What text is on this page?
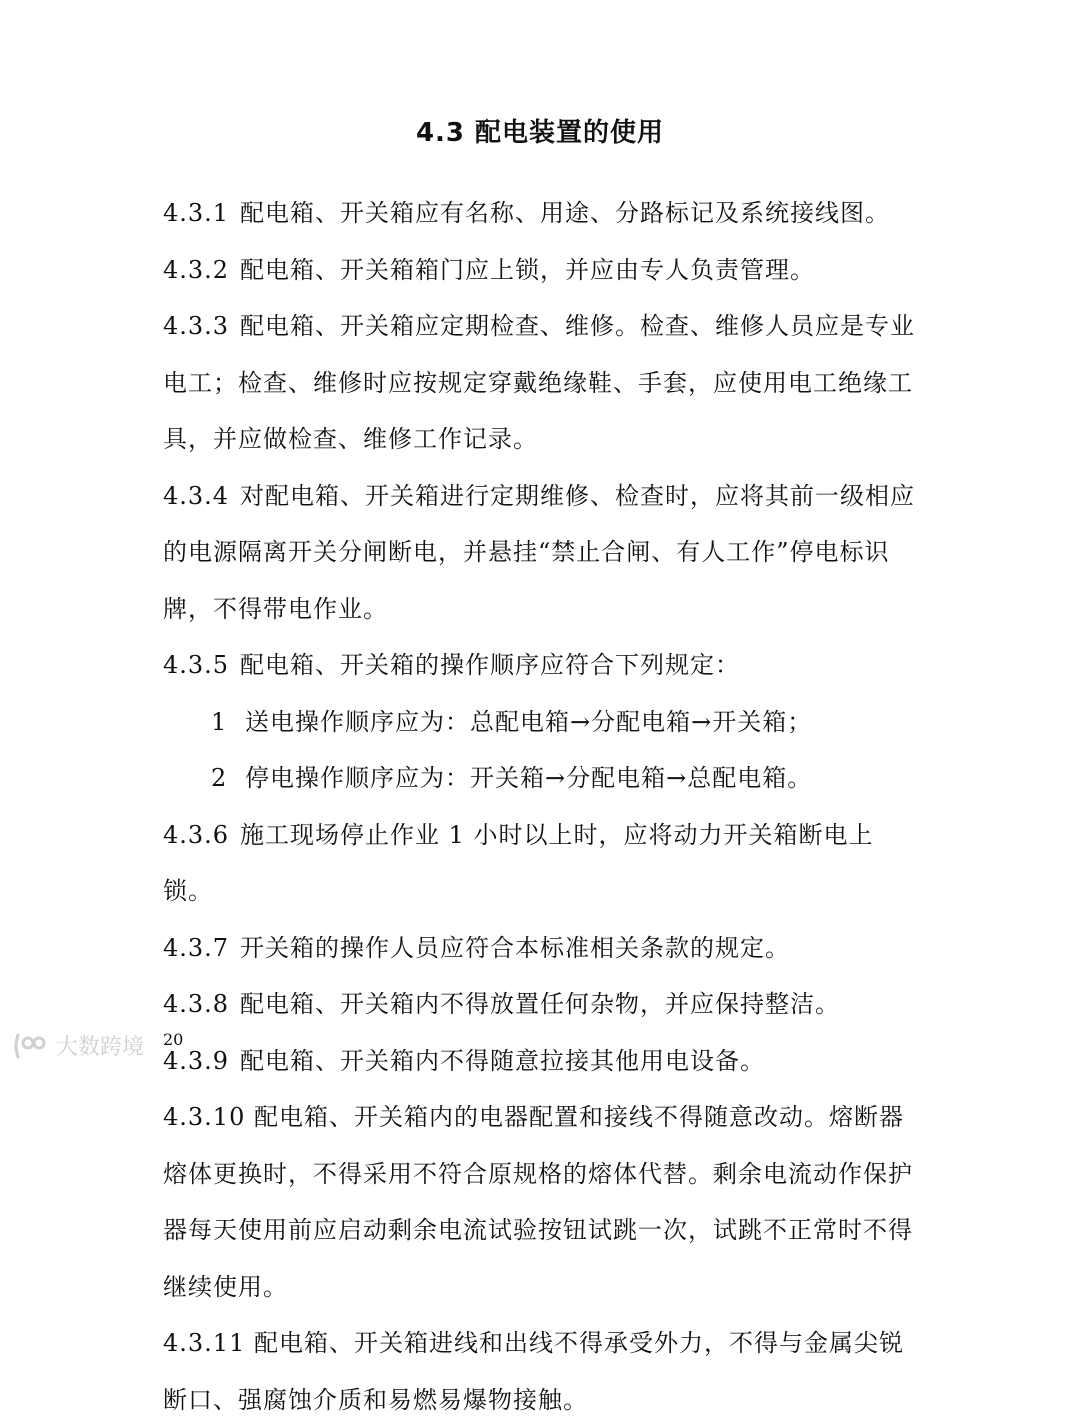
4.3 配电装置的使用

4.3.1 配电箱、开关箱应有名称、用途、分路标记及系统接线图。

4.3.2 配电箱、开关箱箱门应上锁，并应由专人负责管理。

4.3.3 配电箱、开关箱应定期检查、维修。检查、维修人员应是专业电工；检查、维修时应按规定穿戴绝缘鞋、手套，应使用电工绝缘工具，并应做检查、维修工作记录。

4.3.4 对配电箱、开关箱进行定期维修、检查时，应将其前一级相应的电源隔离开关分闸断电，并悬挂“禁止合闸、有人工作”停电标识牌，不得带电作业。

4.3.5 配电箱、开关箱的操作顺序应符合下列规定：

1 送电操作顺序应为：总配电箱→分配电箱→开关箱；

2 停电操作顺序应为：开关箱→分配电箱→总配电箱。

4.3.6 施工现场停止作业 1 小时以上时，应将动力开关箱断电上锁。

4.3.7 开关箱的操作人员应符合本标准相关条款的规定。

4.3.8 配电箱、开关箱内不得放置任何杂物，并应保持整洁。

4.3.9 配电箱、开关箱内不得随意拉接其他用电设备。

4.3.10 配电箱、开关箱内的电器配置和接线不得随意改动。熔断器熔体更换时，不得采用不符合原规格的熔体代替。剩余电流动作保护器每天使用前应启动剩余电流试验按钮试跳一次，试跳不正常时不得继续使用。

4.3.11 配电箱、开关箱进线和出线不得承受外力，不得与金属尖锐断口、强腐蚀介质和易燃易爆物接触。

20
大数跨境
